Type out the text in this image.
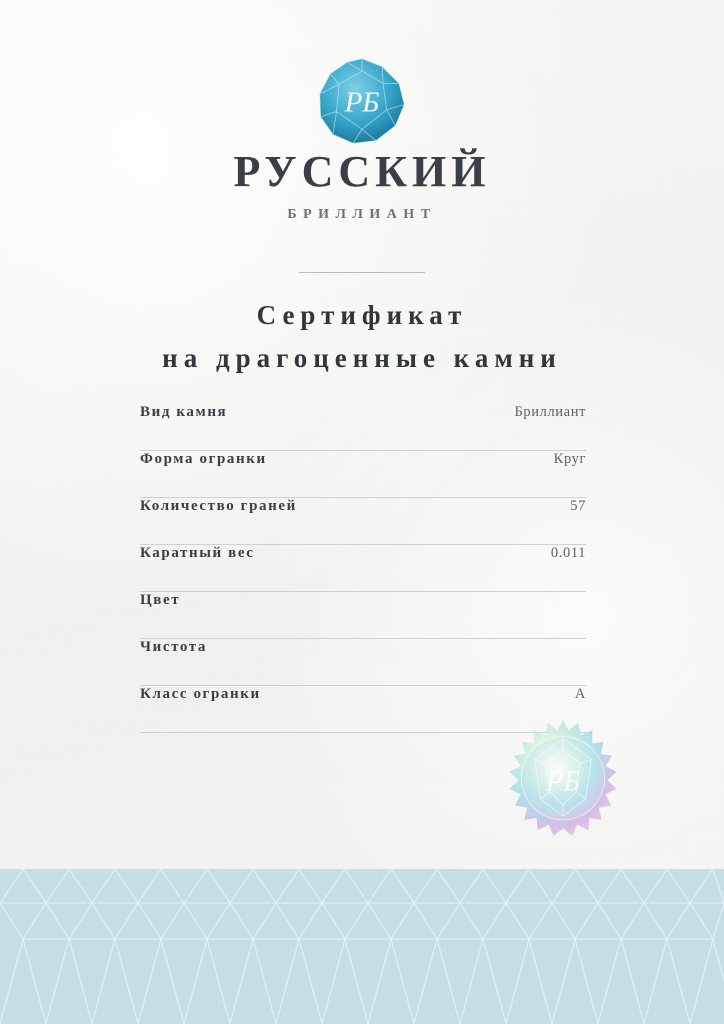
РБ
РУССКИЙ
БРИЛЛИАНТ
Сертификат
на драгоценные камни
Вид камня	Бриллиант
Форма огранки	Круг
Количество граней	57
Каратный вес	0.011
Цвет
Чистота
Класс огранки	A
РБ
